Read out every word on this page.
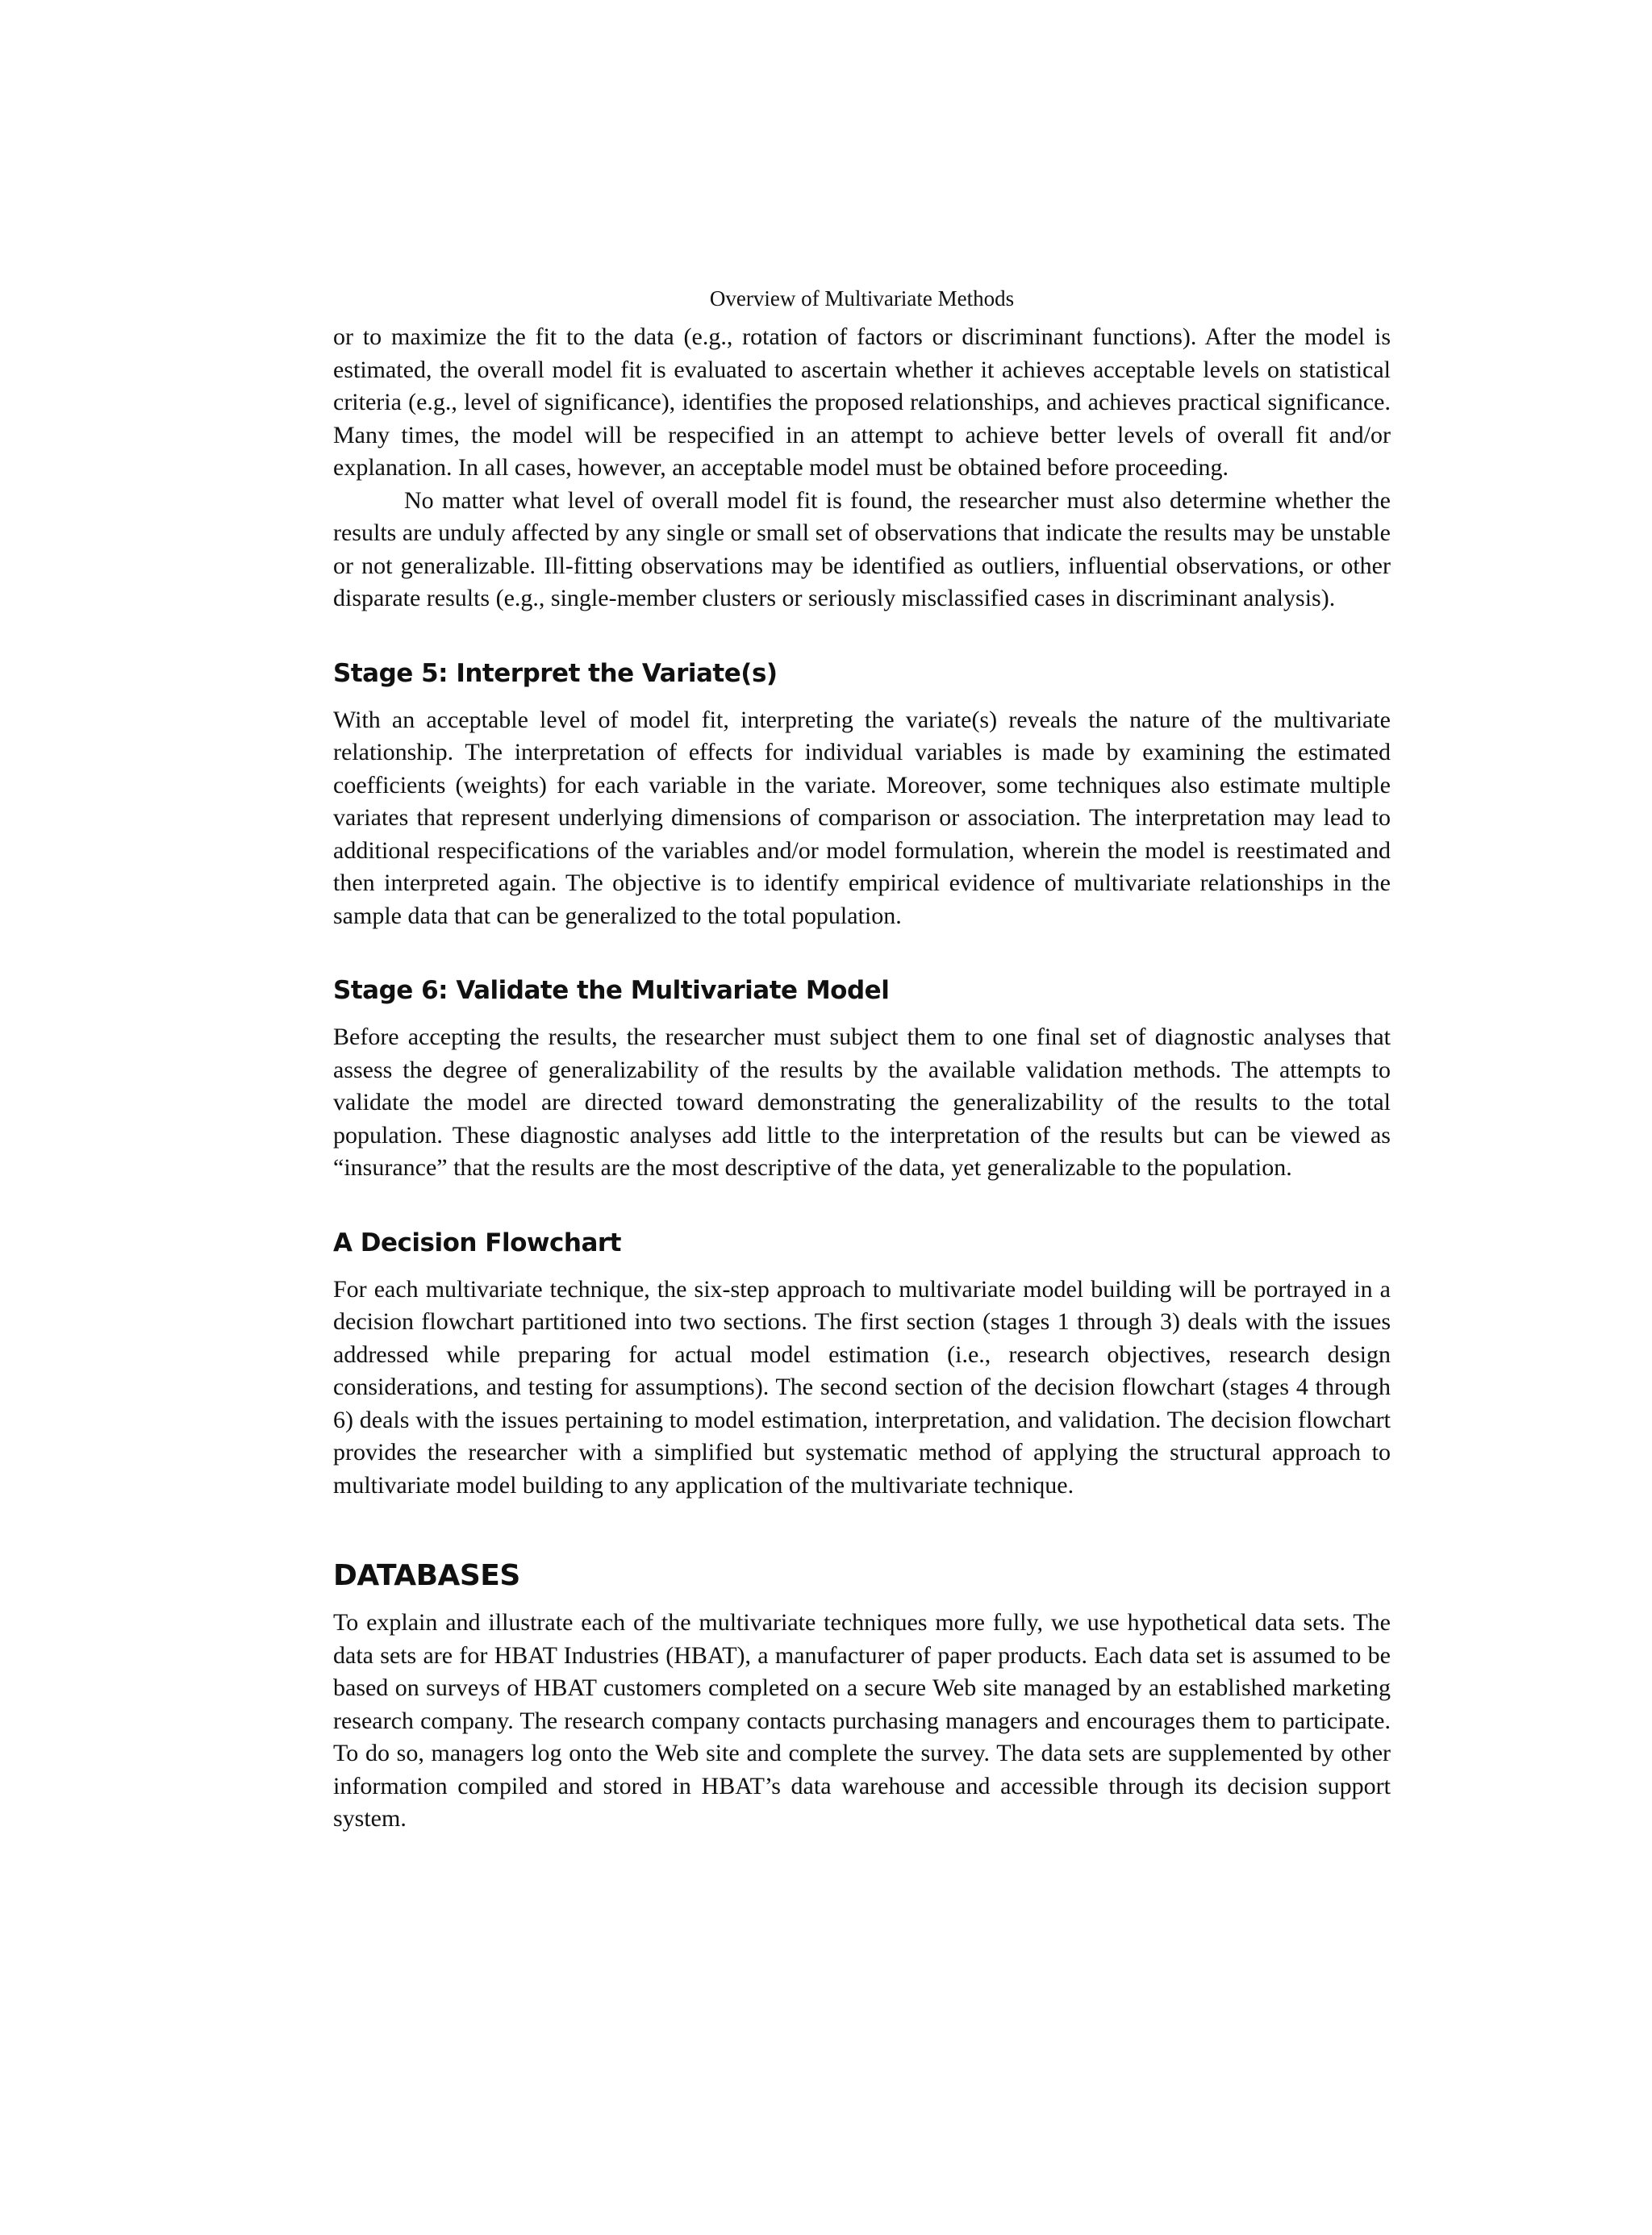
Overview of Multivariate Methods

or to maximize the fit to the data (e.g., rotation of factors or discriminant functions). After the model is estimated, the overall model fit is evaluated to ascertain whether it achieves acceptable levels on statistical criteria (e.g., level of significance), identifies the proposed relationships, and achieves practical significance. Many times, the model will be respecified in an attempt to achieve better levels of overall fit and/or explanation. In all cases, however, an acceptable model must be obtained before proceeding.

No matter what level of overall model fit is found, the researcher must also determine whether the results are unduly affected by any single or small set of observations that indicate the results may be unstable or not generalizable. Ill-fitting observations may be identified as outliers, influential observations, or other disparate results (e.g., single-member clusters or seriously misclassified cases in discriminant analysis).

Stage 5: Interpret the Variate(s)

With an acceptable level of model fit, interpreting the variate(s) reveals the nature of the multivariate relationship. The interpretation of effects for individual variables is made by examining the estimated coefficients (weights) for each variable in the variate. Moreover, some techniques also estimate multiple variates that represent underlying dimensions of comparison or association. The interpretation may lead to additional respecifications of the variables and/or model formulation, wherein the model is reestimated and then interpreted again. The objective is to identify empirical evidence of multivariate relationships in the sample data that can be generalized to the total population.

Stage 6: Validate the Multivariate Model

Before accepting the results, the researcher must subject them to one final set of diagnostic analyses that assess the degree of generalizability of the results by the available validation methods. The attempts to validate the model are directed toward demonstrating the generalizability of the results to the total population. These diagnostic analyses add little to the interpretation of the results but can be viewed as “insurance” that the results are the most descriptive of the data, yet generalizable to the population.

A Decision Flowchart

For each multivariate technique, the six-step approach to multivariate model building will be portrayed in a decision flowchart partitioned into two sections. The first section (stages 1 through 3) deals with the issues addressed while preparing for actual model estimation (i.e., research objectives, research design considerations, and testing for assumptions). The second section of the decision flowchart (stages 4 through 6) deals with the issues pertaining to model estimation, interpretation, and validation. The decision flowchart provides the researcher with a simplified but systematic method of applying the structural approach to multivariate model building to any application of the multivariate technique.

DATABASES

To explain and illustrate each of the multivariate techniques more fully, we use hypothetical data sets. The data sets are for HBAT Industries (HBAT), a manufacturer of paper products. Each data set is assumed to be based on surveys of HBAT customers completed on a secure Web site managed by an established marketing research company. The research company contacts purchasing managers and encourages them to participate. To do so, managers log onto the Web site and complete the survey. The data sets are supplemented by other information compiled and stored in HBAT’s data warehouse and accessible through its decision support system.
